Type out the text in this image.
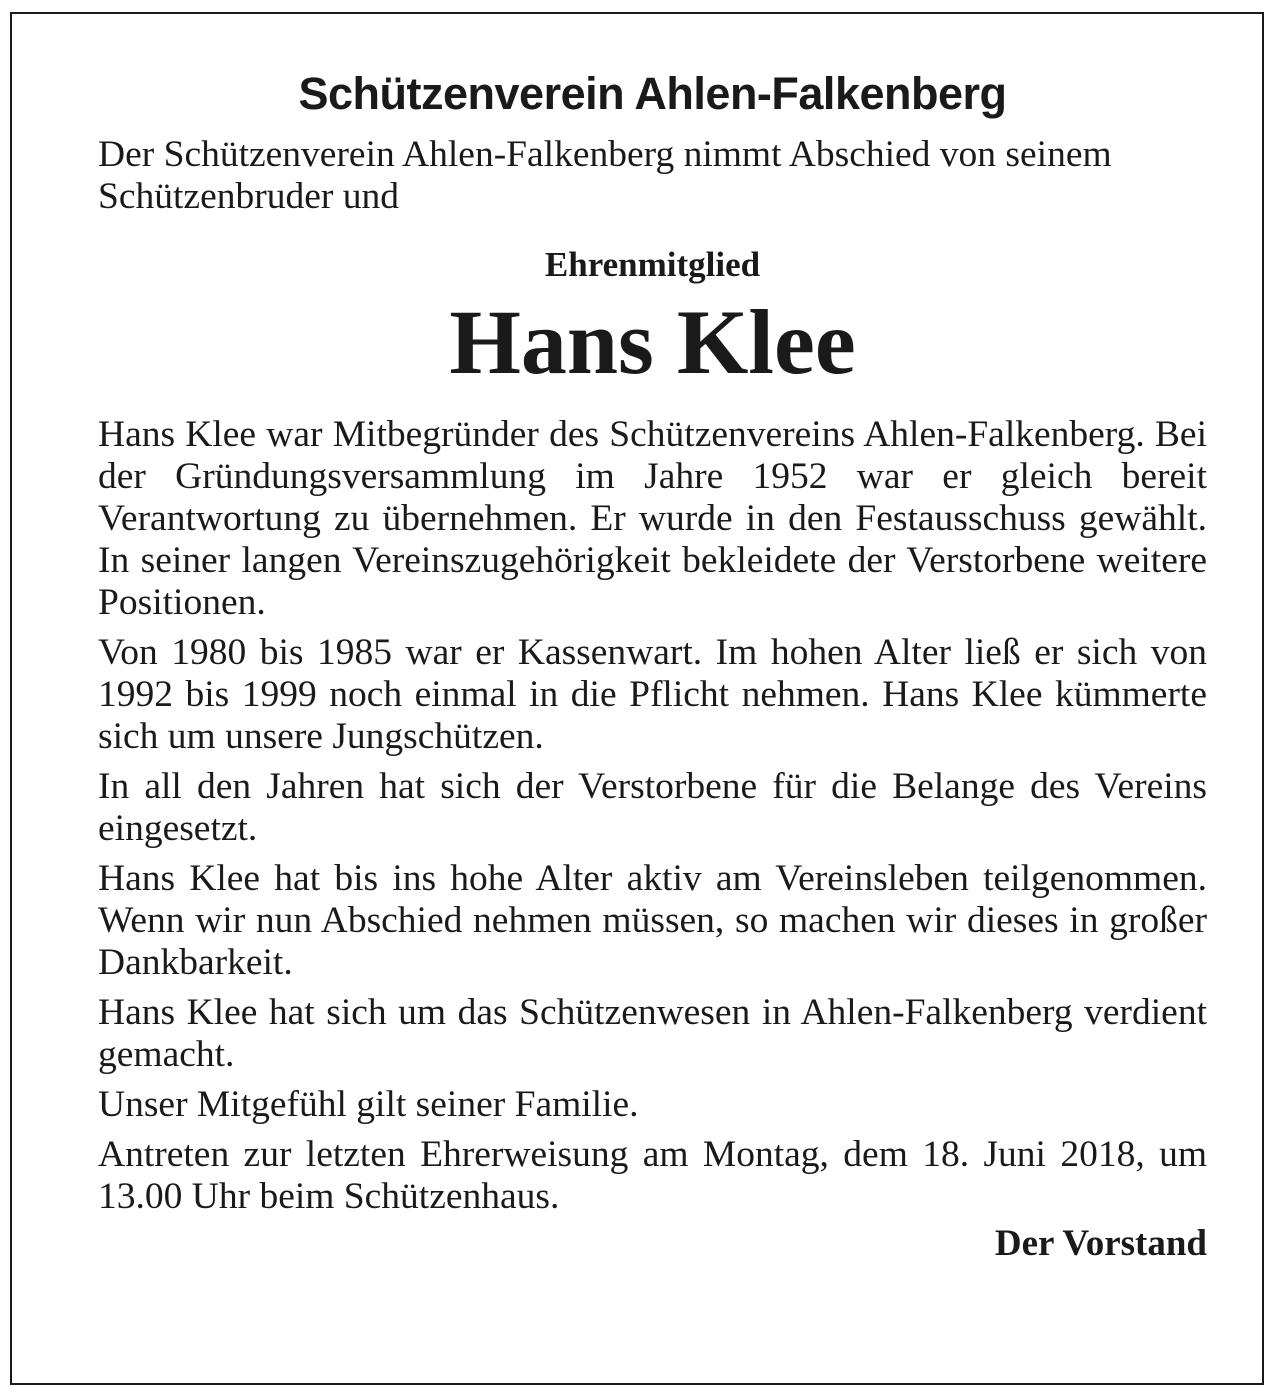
Schützenverein Ahlen-Falkenberg

Der Schützenverein Ahlen-Falkenberg nimmt Abschied von seinem Schützenbruder und

Ehrenmitglied
Hans Klee

Hans Klee war Mitbegründer des Schützenvereins Ahlen-Falkenberg. Bei der Gründungsversammlung im Jahre 1952 war er gleich bereit Verantwortung zu übernehmen. Er wurde in den Festausschuss gewählt. In seiner langen Vereinszugehörigkeit bekleidete der Verstorbene weitere Positionen.

Von 1980 bis 1985 war er Kassenwart. Im hohen Alter ließ er sich von 1992 bis 1999 noch einmal in die Pflicht nehmen. Hans Klee kümmerte sich um unsere Jungschützen.

In all den Jahren hat sich der Verstorbene für die Belange des Vereins eingesetzt.

Hans Klee hat bis ins hohe Alter aktiv am Vereinsleben teilgenommen. Wenn wir nun Abschied nehmen müssen, so machen wir dieses in großer Dankbarkeit.

Hans Klee hat sich um das Schützenwesen in Ahlen-Falkenberg verdient gemacht.

Unser Mitgefühl gilt seiner Familie.

Antreten zur letzten Ehrerweisung am Montag, dem 18. Juni 2018, um 13.00 Uhr beim Schützenhaus.

Der Vorstand
